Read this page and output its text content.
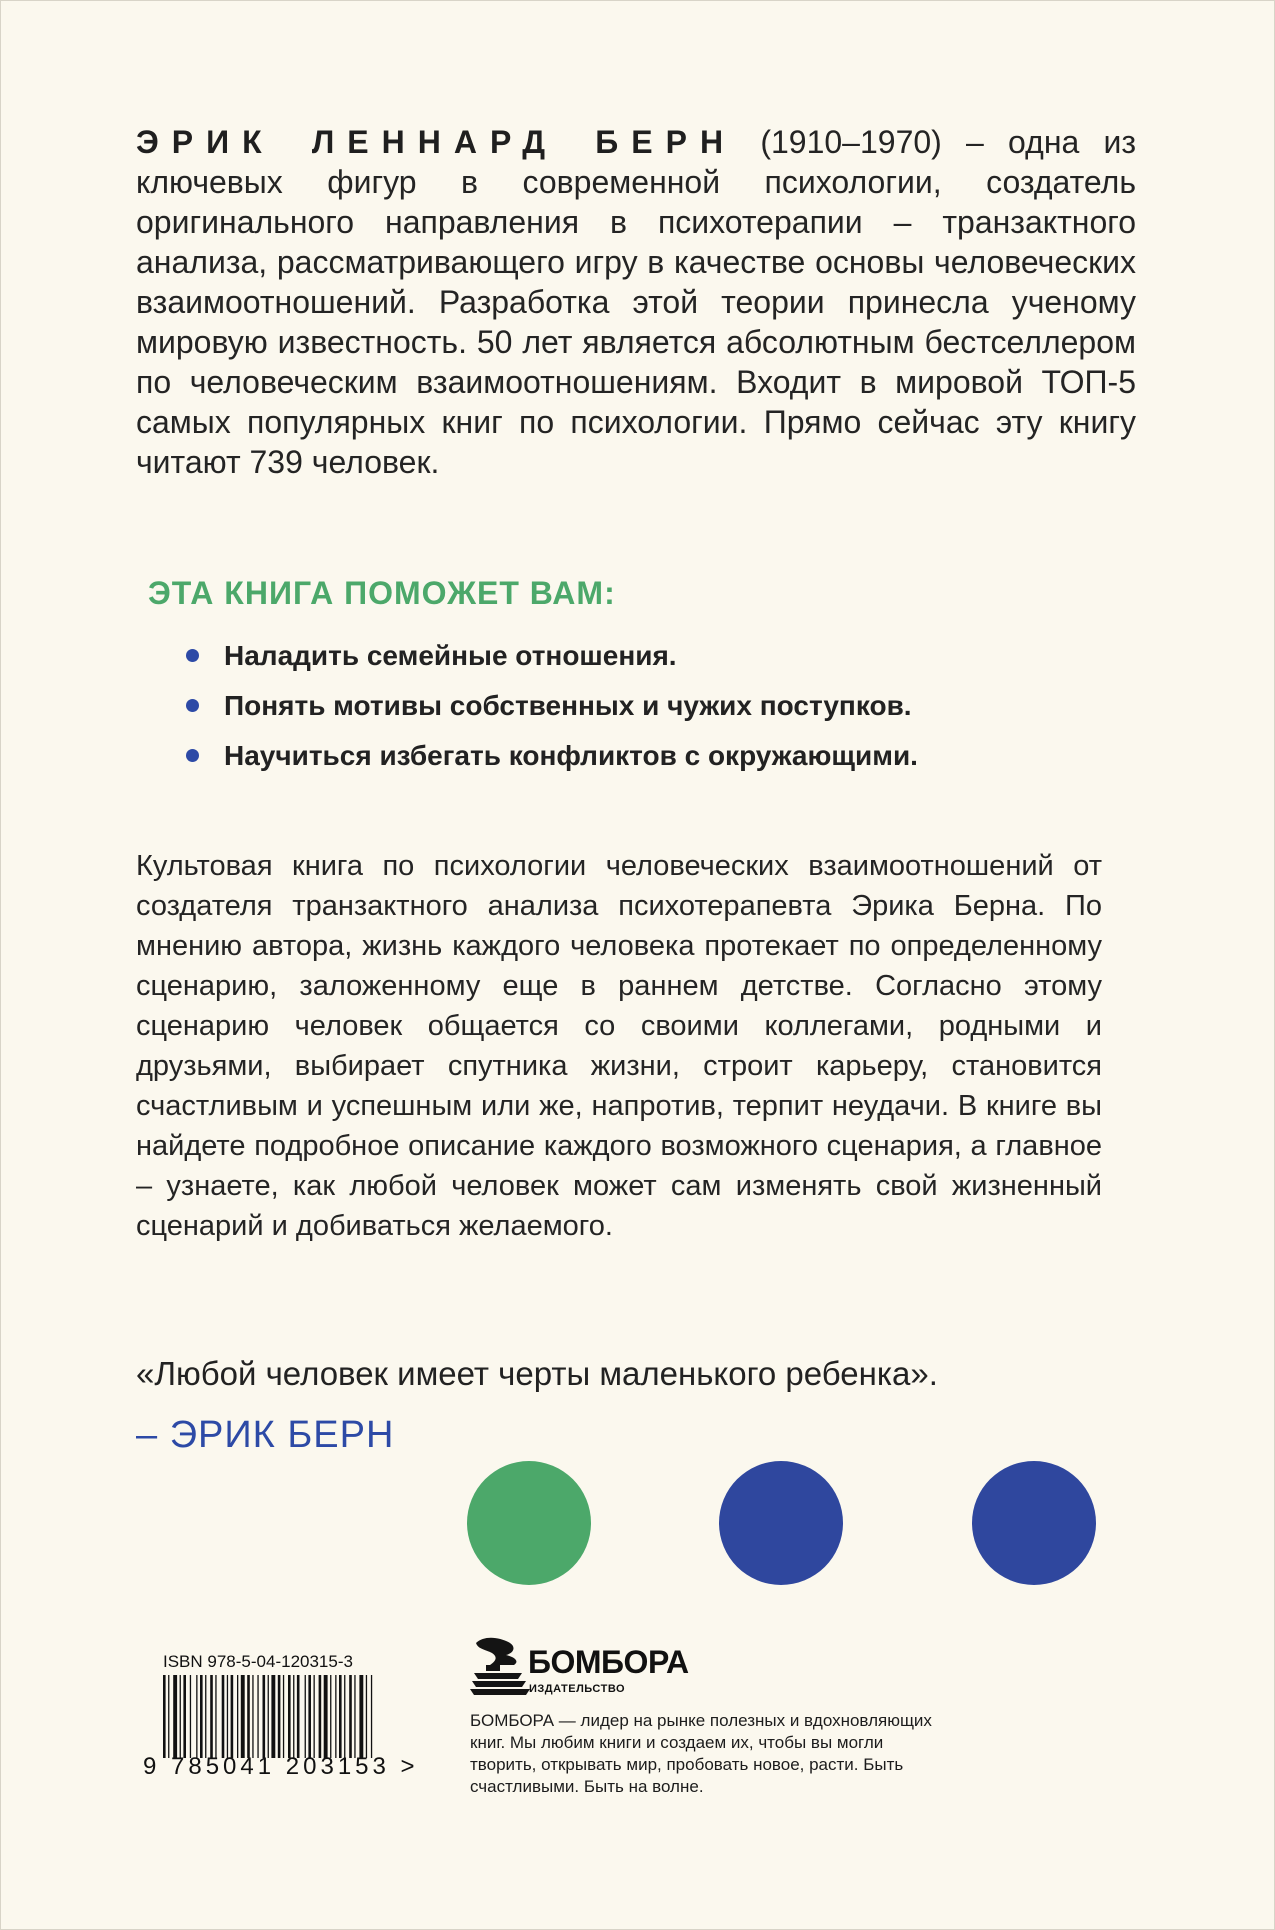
ЭРИК ЛЕННАРД БЕРН (1910–1970) – одна из ключевых фигур в современной психологии, создатель оригинального направления в психотерапии – транзактного анализа, рассматривающего игру в качестве основы человеческих взаимоотношений. Разработка этой теории принесла ученому мировую известность. 50 лет является абсолютным бестселлером по человеческим взаимоотношениям. Входит в мировой ТОП-5 самых популярных книг по психологии. Прямо сейчас эту книгу читают 739 человек.
ЭТА КНИГА ПОМОЖЕТ ВАМ:
Наладить семейные отношения.
Понять мотивы собственных и чужих поступков.
Научиться избегать конфликтов с окружающими.
Культовая книга по психологии человеческих взаимоотношений от создателя транзактного анализа психотерапевта Эрика Берна. По мнению автора, жизнь каждого человека протекает по определенному сценарию, заложенному еще в раннем детстве. Согласно этому сценарию человек общается со своими коллегами, родными и друзьями, выбирает спутника жизни, строит карьеру, становится счастливым и успешным или же, напротив, терпит неудачи. В книге вы найдете подробное описание каждого возможного сценария, а главное – узнаете, как любой человек может сам изменять свой жизненный сценарий и добиваться желаемого.
«Любой человек имеет черты маленького ребенка».
– ЭРИК БЕРН
ISBN 978-5-04-120315-3
9 785041 203153 >
БОМБОРА
ИЗДАТЕЛЬСТВО
БОМБОРА — лидер на рынке полезных и вдохновляющих книг. Мы любим книги и создаем их, чтобы вы могли творить, открывать мир, пробовать новое, расти. Быть счастливыми. Быть на волне.
